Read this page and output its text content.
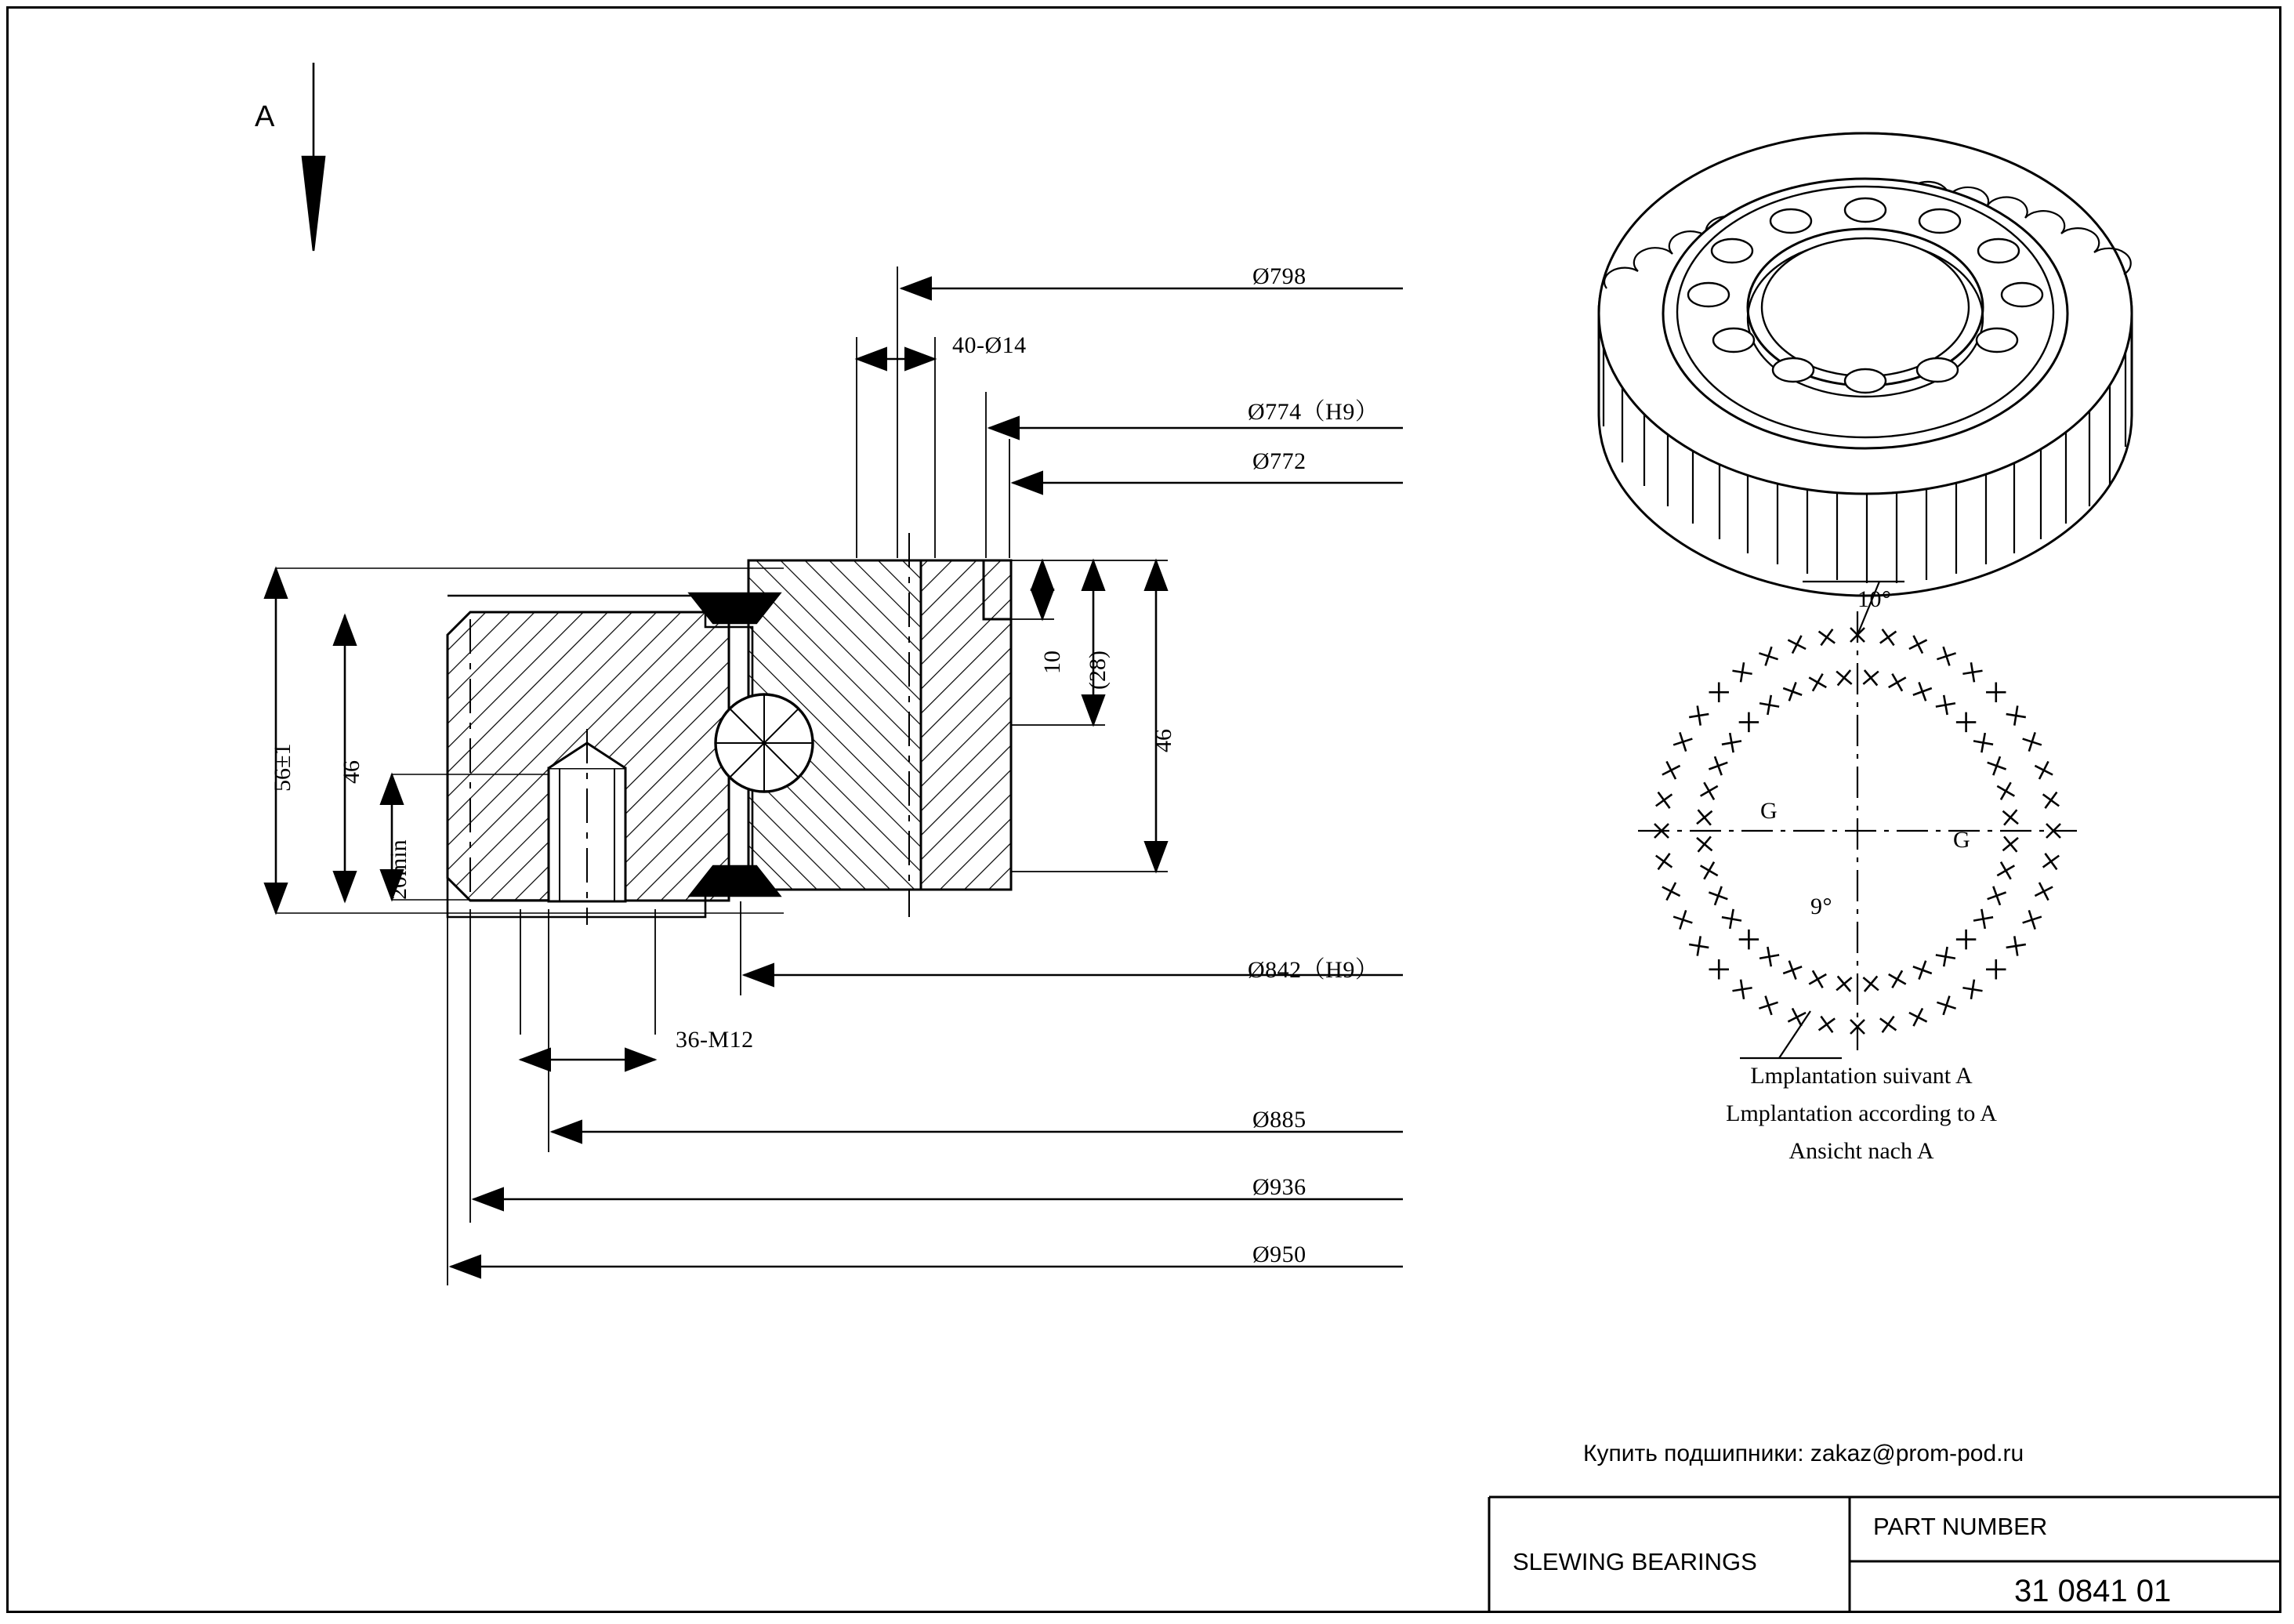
Ø798
40-Ø14
Ø774（H9）
Ø772
10 (28)
46
56±1 46
20min
Ø842（H9）
36-M12
Ø885
Ø936
Ø950
A
10°
9°
G
G
Lmplantation suivant A
Lmplantation according to A
Ansicht nach A
Купить подшипники: zakaz@prom-pod.ru
SLEWING BEARINGS
PART NUMBER
31 0841 01
